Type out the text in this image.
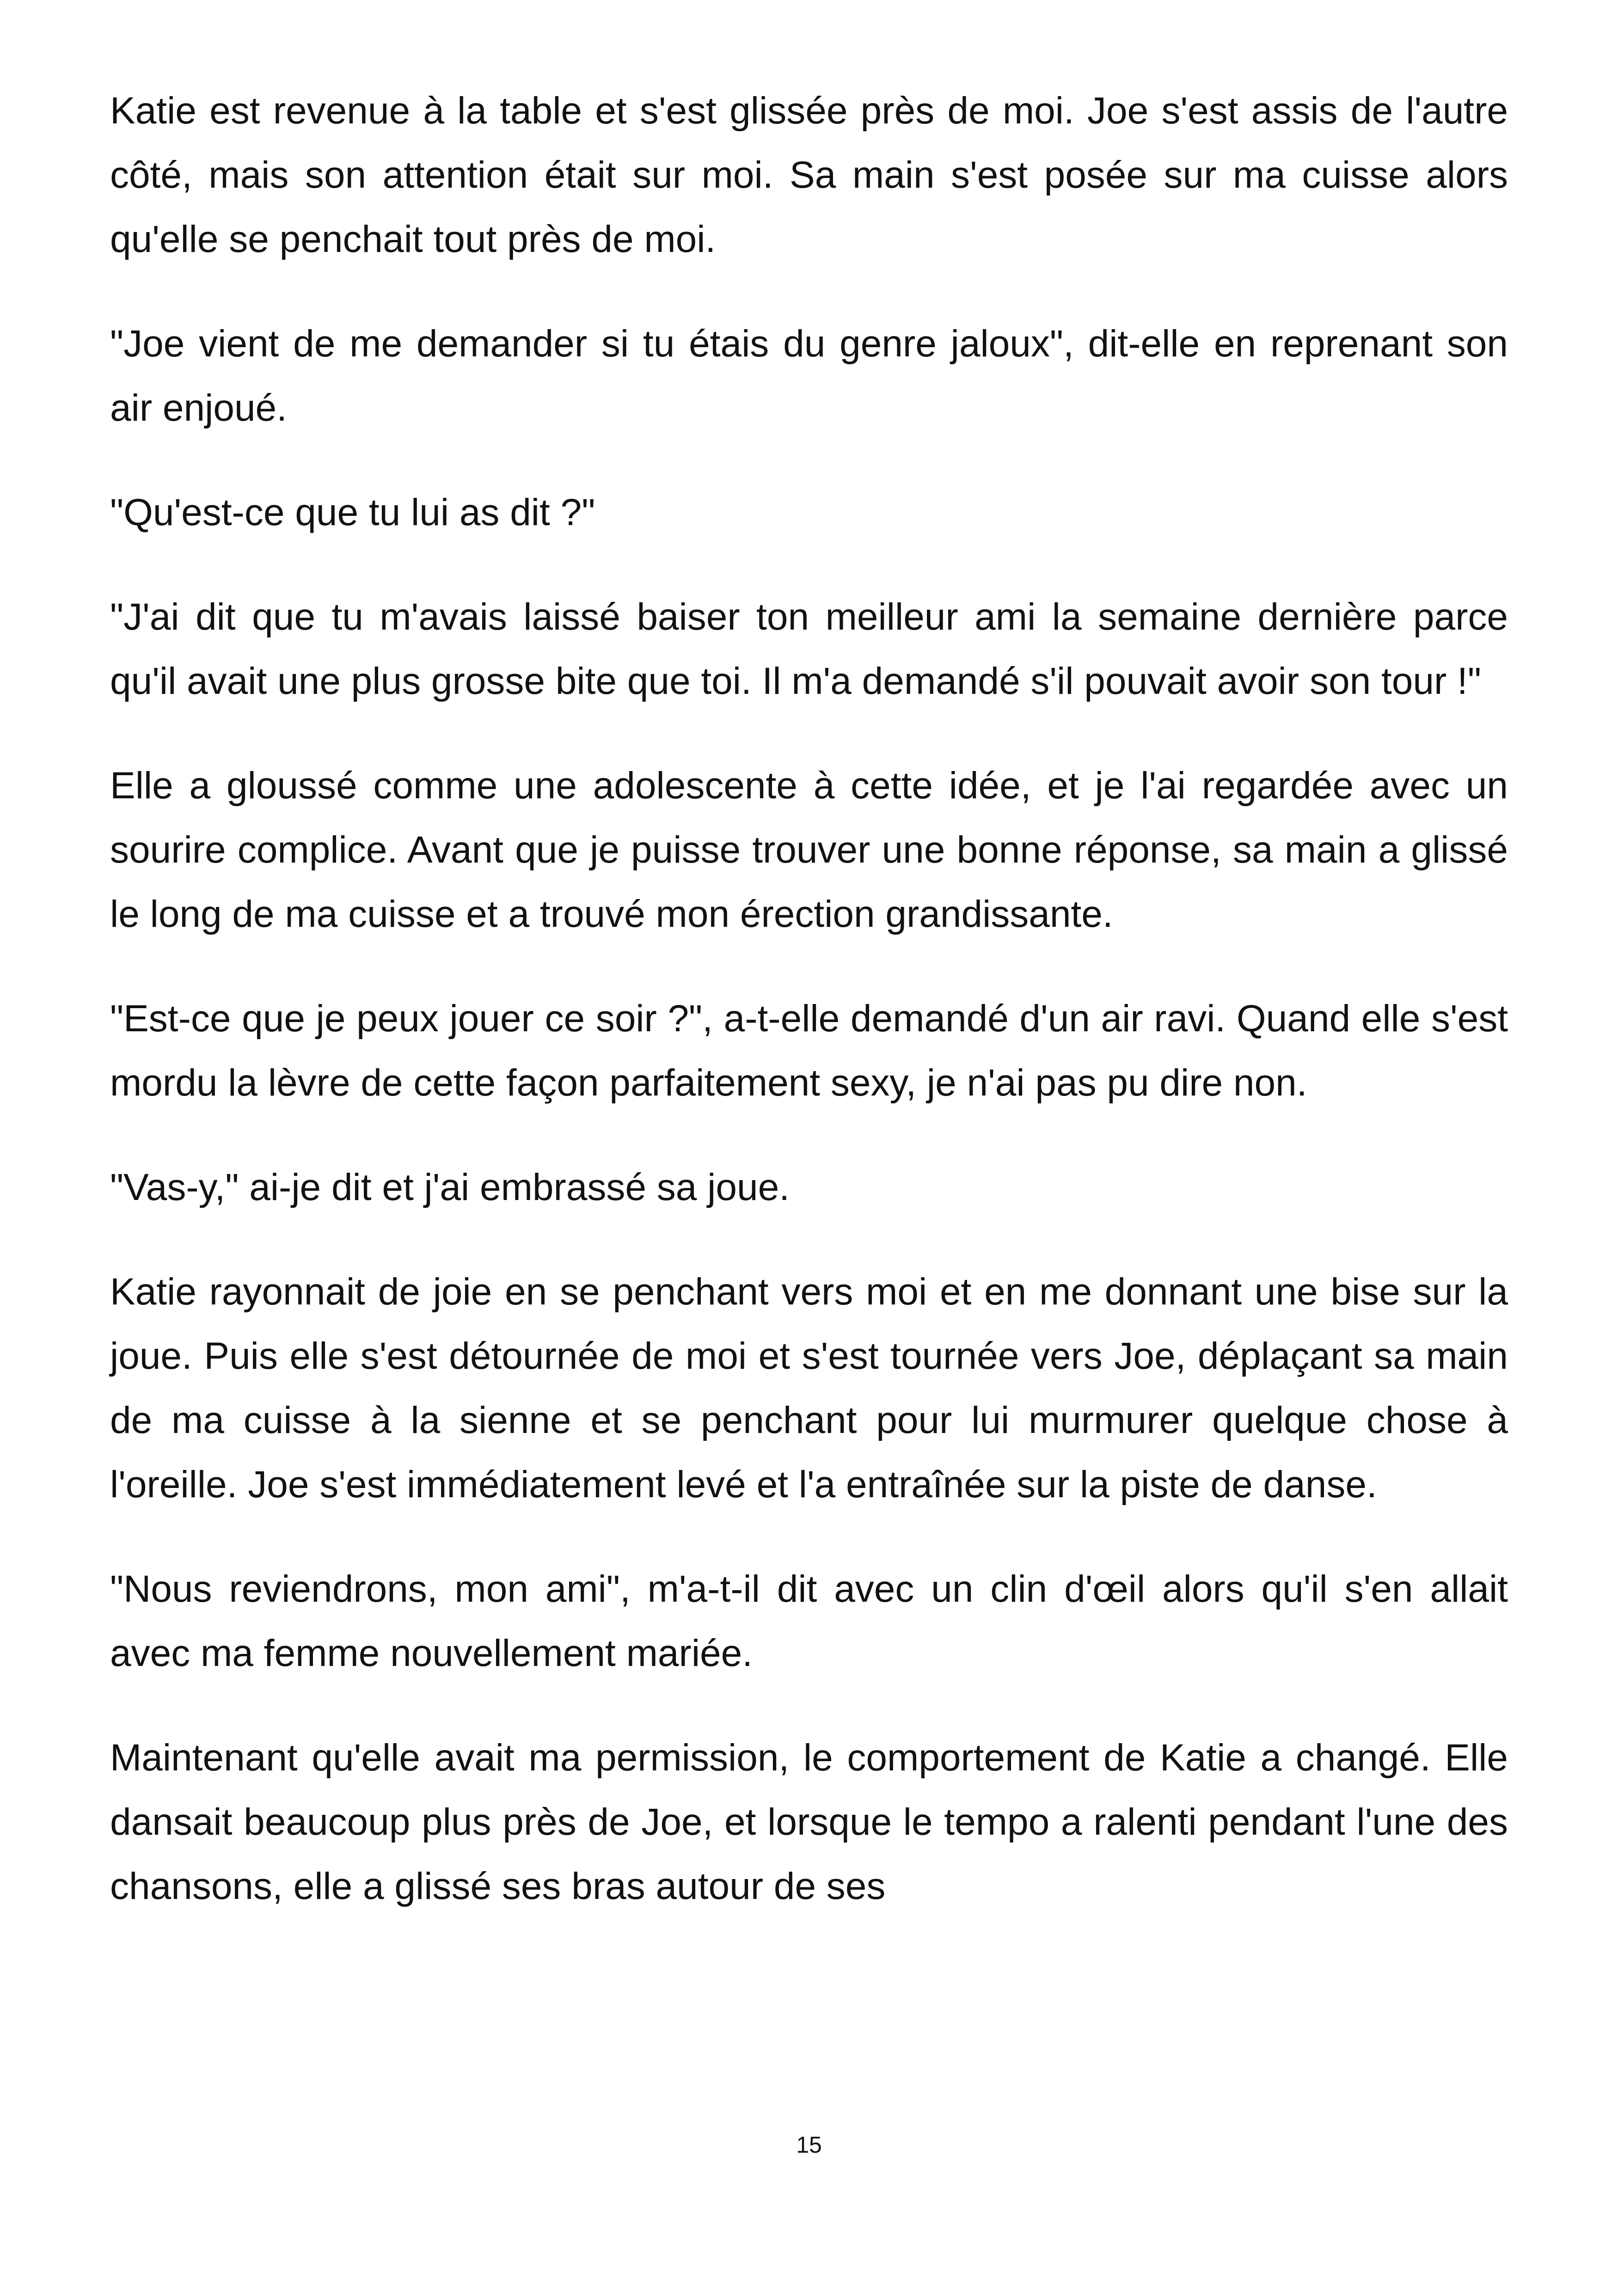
Katie est revenue à la table et s'est glissée près de moi. Joe s'est assis de l'autre côté, mais son attention était sur moi. Sa main s'est posée sur ma cuisse alors qu'elle se penchait tout près de moi.

"Joe vient de me demander si tu étais du genre jaloux", dit-elle en reprenant son air enjoué.

"Qu'est-ce que tu lui as dit ?"

"J'ai dit que tu m'avais laissé baiser ton meilleur ami la semaine dernière parce qu'il avait une plus grosse bite que toi. Il m'a demandé s'il pouvait avoir son tour !"

Elle a gloussé comme une adolescente à cette idée, et je l'ai regardée avec un sourire complice. Avant que je puisse trouver une bonne réponse, sa main a glissé le long de ma cuisse et a trouvé mon érection grandissante.

"Est-ce que je peux jouer ce soir ?", a-t-elle demandé d'un air ravi. Quand elle s'est mordu la lèvre de cette façon parfaitement sexy, je n'ai pas pu dire non.

"Vas-y," ai-je dit et j'ai embrassé sa joue.

Katie rayonnait de joie en se penchant vers moi et en me donnant une bise sur la joue. Puis elle s'est détournée de moi et s'est tournée vers Joe, déplaçant sa main de ma cuisse à la sienne et se penchant pour lui murmurer quelque chose à l'oreille. Joe s'est immédiatement levé et l'a entraînée sur la piste de danse.

"Nous reviendrons, mon ami", m'a-t-il dit avec un clin d'œil alors qu'il s'en allait avec ma femme nouvellement mariée.

Maintenant qu'elle avait ma permission, le comportement de Katie a changé. Elle dansait beaucoup plus près de Joe, et lorsque le tempo a ralenti pendant l'une des chansons, elle a glissé ses bras autour de ses

15
